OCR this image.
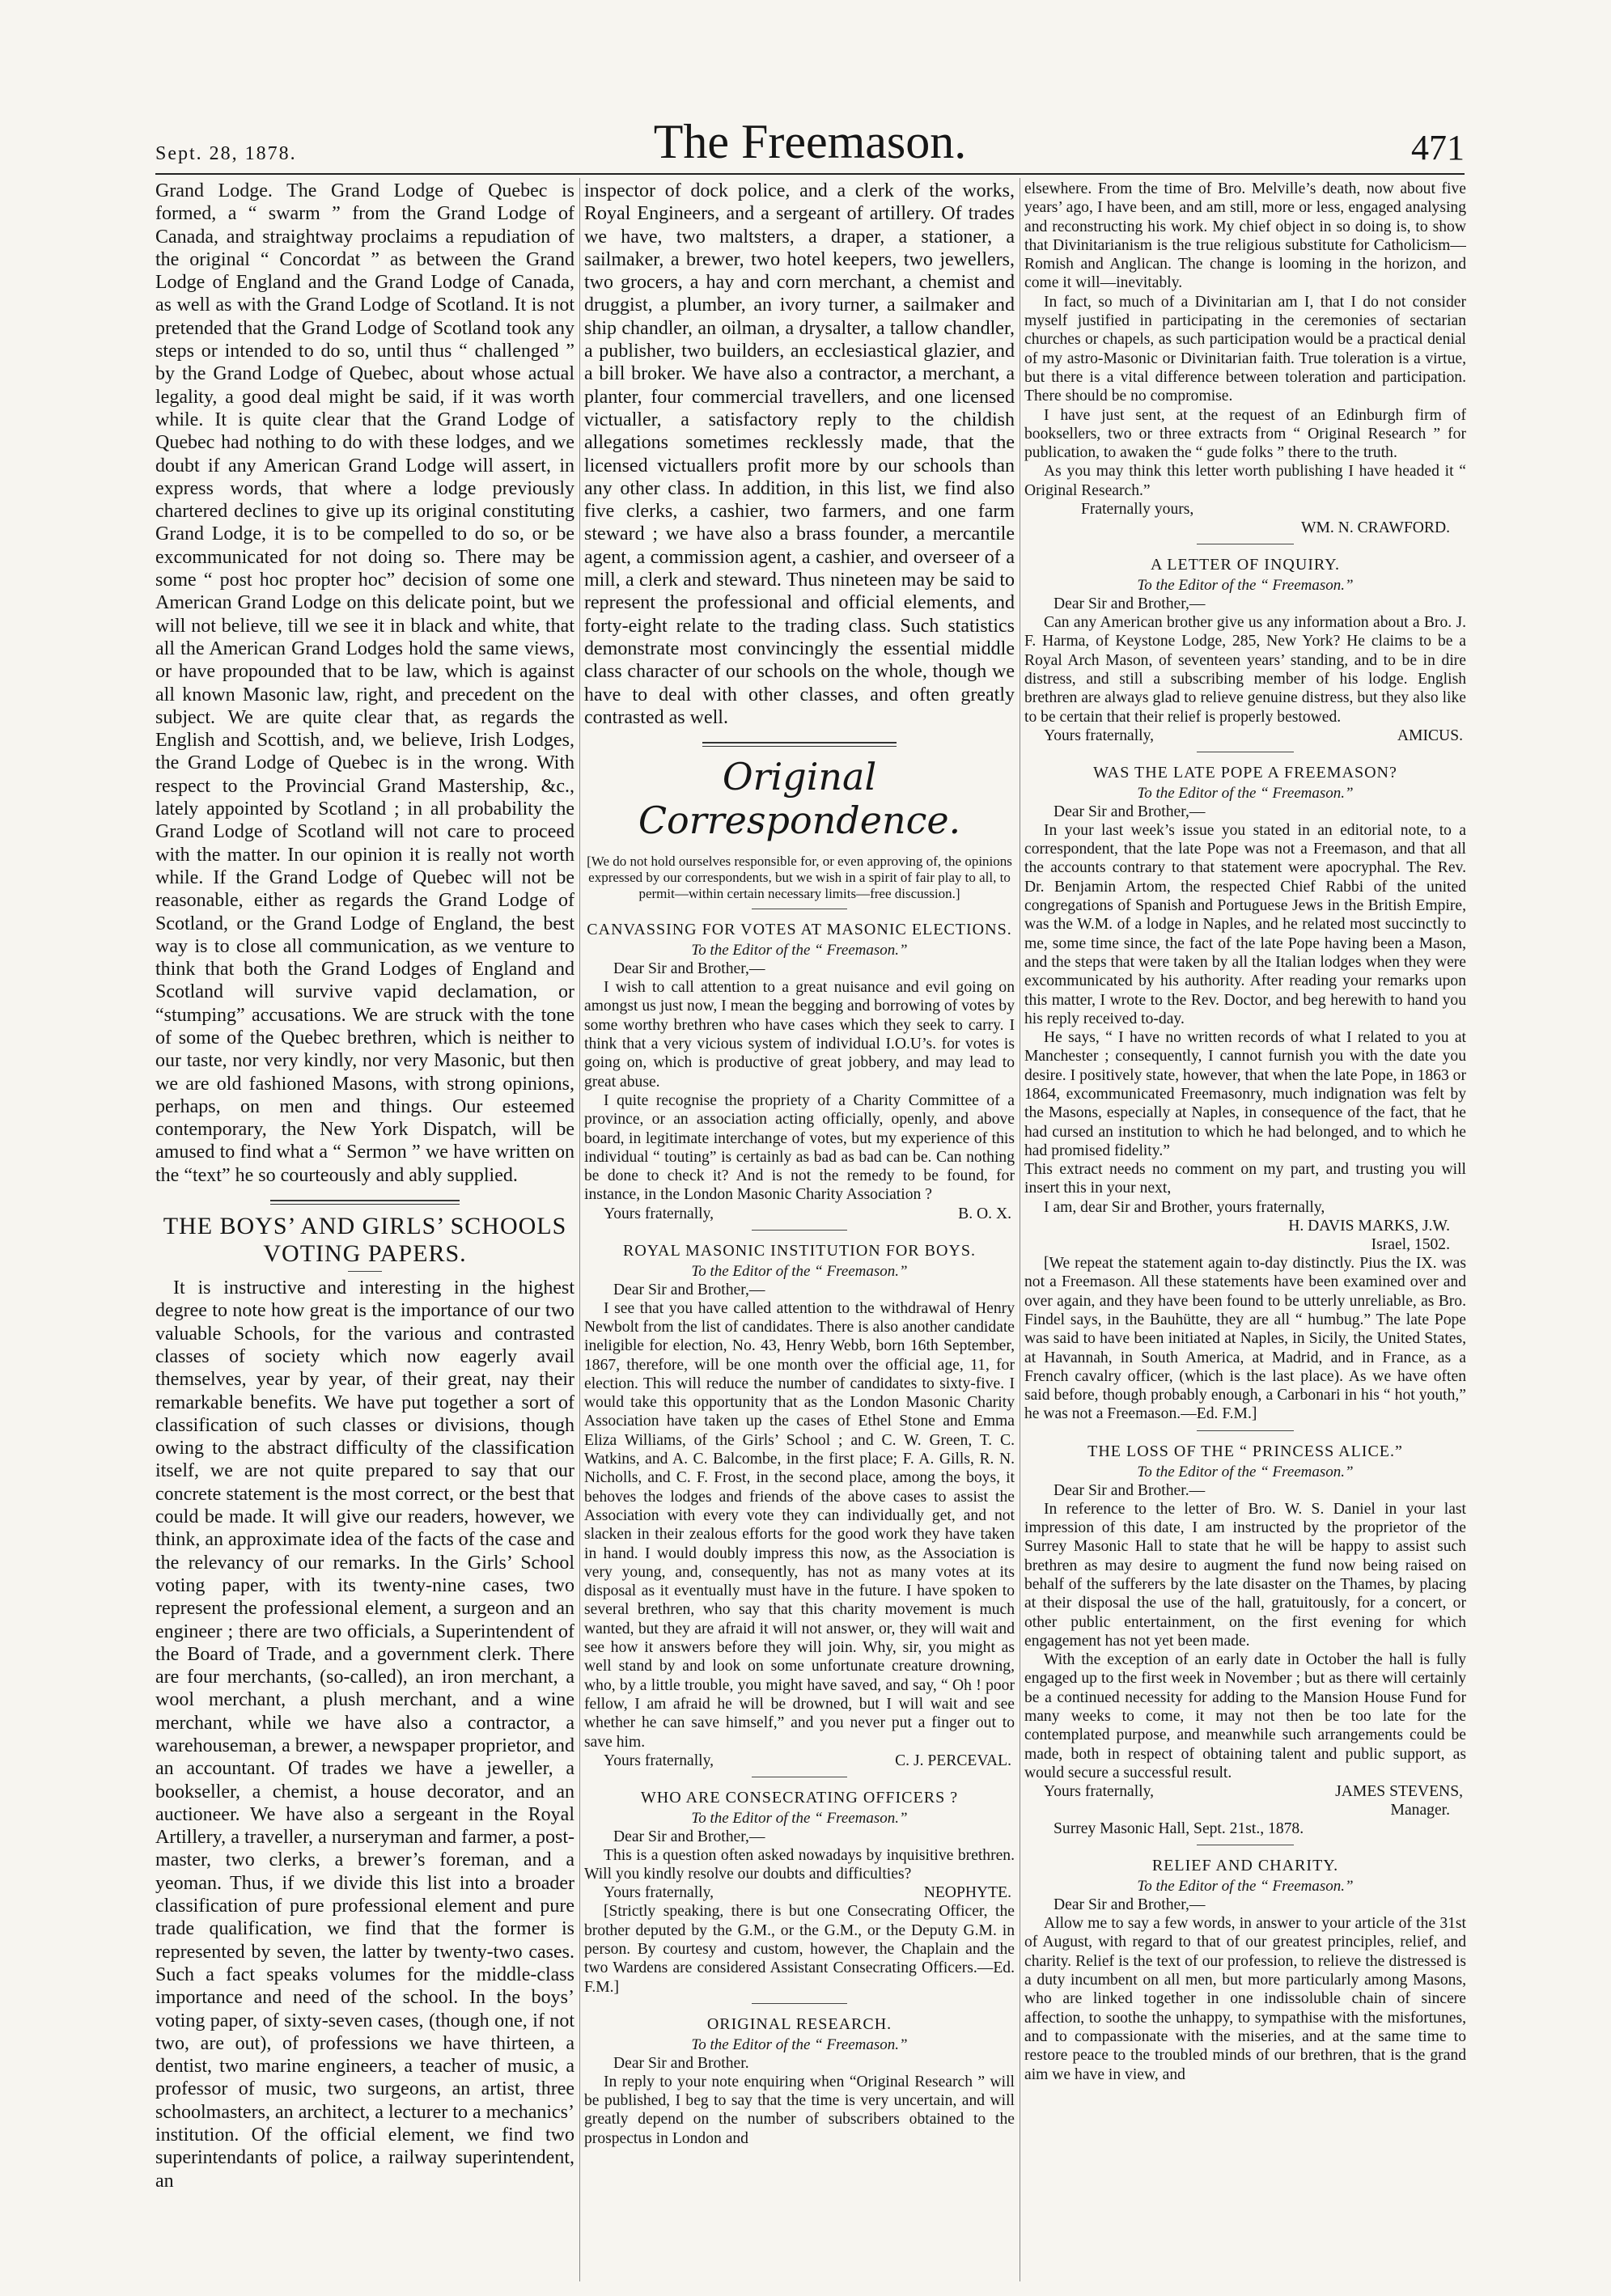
Sept. 28, 1878.	The Freemason.	471

Grand Lodge. The Grand Lodge of Quebec is formed, a “ swarm ” from the Grand Lodge of Canada, and straightway proclaims a repudiation of the original “ Concordat ” as between the Grand Lodge of England and the Grand Lodge of Canada, as well as with the Grand Lodge of Scotland. It is not pretended that the Grand Lodge of Scotland took any steps or intended to do so, until thus “ challenged ” by the Grand Lodge of Quebec, about whose actual legality, a good deal might be said, if it was worth while. It is quite clear that the Grand Lodge of Quebec had nothing to do with these lodges, and we doubt if any American Grand Lodge will assert, in express words, that where a lodge previously chartered declines to give up its original constituting Grand Lodge, it is to be compelled to do so, or be excommunicated for not doing so. There may be some “ post hoc propter hoc” decision of some one American Grand Lodge on this delicate point, but we will not believe, till we see it in black and white, that all the American Grand Lodges hold the same views, or have propounded that to be law, which is against all known Masonic law, right, and precedent on the subject. We are quite clear that, as regards the English and Scottish, and, we believe, Irish Lodges, the Grand Lodge of Quebec is in the wrong. With respect to the Provincial Grand Mastership, &c., lately appointed by Scotland ; in all probability the Grand Lodge of Scotland will not care to proceed with the matter. In our opinion it is really not worth while. If the Grand Lodge of Quebec will not be reasonable, either as regards the Grand Lodge of Scotland, or the Grand Lodge of England, the best way is to close all communication, as we venture to think that both the Grand Lodges of England and Scotland will survive vapid declamation, or “stumping” accusations. We are struck with the tone of some of the Quebec brethren, which is neither to our taste, nor very kindly, nor very Masonic, but then we are old fashioned Masons, with strong opinions, perhaps, on men and things. Our esteemed contemporary, the New York Dispatch, will be amused to find what a “ Sermon ” we have written on the “text” he so courteously and ably supplied.

THE BOYS’ AND GIRLS’ SCHOOLS VOTING PAPERS.

It is instructive and interesting in the highest degree to note how great is the importance of our two valuable Schools, for the various and contrasted classes of society which now eagerly avail themselves, year by year, of their great, nay their remarkable benefits. We have put together a sort of classification of such classes or divisions, though owing to the abstract difficulty of the classification itself, we are not quite prepared to say that our concrete statement is the most correct, or the best that could be made. It will give our readers, however, we think, an approximate idea of the facts of the case and the relevancy of our remarks. In the Girls’ School voting paper, with its twenty-nine cases, two represent the professional element, a surgeon and an engineer ; there are two officials, a Superintendent of the Board of Trade, and a government clerk. There are four merchants, (so-called), an iron merchant, a wool merchant, a plush merchant, and a wine merchant, while we have also a contractor, a warehouseman, a brewer, a newspaper proprietor, and an accountant. Of trades we have a jeweller, a bookseller, a chemist, a house decorator, and an auctioneer. We have also a sergeant in the Royal Artillery, a traveller, a nurseryman and farmer, a post-master, two clerks, a brewer’s foreman, and a yeoman. Thus, if we divide this list into a broader classification of pure professional element and pure trade qualification, we find that the former is represented by seven, the latter by twenty-two cases. Such a fact speaks volumes for the middle-class importance and need of the school. In the boys’ voting paper, of sixty-seven cases, (though one, if not two, are out), of professions we have thirteen, a dentist, two marine engineers, a teacher of music, a professor of music, two surgeons, an artist, three schoolmasters, an architect, a lecturer to a mechanics’ institution. Of the official element, we find two superintendants of police, a railway superintendent, an

inspector of dock police, and a clerk of the works, Royal Engineers, and a sergeant of artillery. Of trades we have, two maltsters, a draper, a stationer, a sailmaker, a brewer, two hotel keepers, two jewellers, two grocers, a hay and corn merchant, a chemist and druggist, a plumber, an ivory turner, a sailmaker and ship chandler, an oilman, a drysalter, a tallow chandler, a publisher, two builders, an ecclesiastical glazier, and a bill broker. We have also a contractor, a merchant, a planter, four commercial travellers, and one licensed victualler, a satisfactory reply to the childish allegations sometimes recklessly made, that the licensed victuallers profit more by our schools than any other class. In addition, in this list, we find also five clerks, a cashier, two farmers, and one farm steward ; we have also a brass founder, a mercantile agent, a commission agent, a cashier, and overseer of a mill, a clerk and steward. Thus nineteen may be said to represent the professional and official elements, and forty-eight relate to the trading class. Such statistics demonstrate most convincingly the essential middle class character of our schools on the whole, though we have to deal with other classes, and often greatly contrasted as well.

Original Correspondence.

[We do not hold ourselves responsible for, or even approving of, the opinions expressed by our correspondents, but we wish in a spirit of fair play to all, to permit—within certain necessary limits—free discussion.]

CANVASSING FOR VOTES AT MASONIC ELECTIONS.
To the Editor of the “ Freemason.”
Dear Sir and Brother,—

I wish to call attention to a great nuisance and evil going on amongst us just now, I mean the begging and borrowing of votes by some worthy brethren who have cases which they seek to carry. I think that a very vicious system of individual I.O.U’s. for votes is going on, which is productive of great jobbery, and may lead to great abuse.

I quite recognise the propriety of a Charity Committee of a province, or an association acting officially, openly, and above board, in legitimate interchange of votes, but my experience of this individual “ touting” is certainly as bad as bad can be. Can nothing be done to check it? And is not the remedy to be found, for instance, in the London Masonic Charity Association ?

Yours fraternally,	B. O. X.
ROYAL MASONIC INSTITUTION FOR BOYS.
To the Editor of the “ Freemason.”
Dear Sir and Brother,—

I see that you have called attention to the withdrawal of Henry Newbolt from the list of candidates. There is also another candidate ineligible for election, No. 43, Henry Webb, born 16th September, 1867, therefore, will be one month over the official age, 11, for election. This will reduce the number of candidates to sixty-five. I would take this opportunity that as the London Masonic Charity Association have taken up the cases of Ethel Stone and Emma Eliza Williams, of the Girls’ School ; and C. W. Green, T. C. Watkins, and A. C. Balcombe, in the first place; F. A. Gills, R. N. Nicholls, and C. F. Frost, in the second place, among the boys, it behoves the lodges and friends of the above cases to assist the Association with every vote they can individually get, and not slacken in their zealous efforts for the good work they have taken in hand. I would doubly impress this now, as the Association is very young, and, consequently, has not as many votes at its disposal as it eventually must have in the future. I have spoken to several brethren, who say that this charity movement is much wanted, but they are afraid it will not answer, or, they will wait and see how it answers before they will join. Why, sir, you might as well stand by and look on some unfortunate creature drowning, who, by a little trouble, you might have saved, and say, “ Oh ! poor fellow, I am afraid he will be drowned, but I will wait and see whether he can save himself,” and you never put a finger out to save him.

Yours fraternally,	C. J. PERCEVAL.
WHO ARE CONSECRATING OFFICERS ?
To the Editor of the “ Freemason.”
Dear Sir and Brother,—

This is a question often asked nowadays by inquisitive brethren. Will you kindly resolve our doubts and difficulties?

Yours fraternally,	NEOPHYTE.

[Strictly speaking, there is but one Consecrating Officer, the brother deputed by the G.M., or the G.M., or the Deputy G.M. in person. By courtesy and custom, however, the Chaplain and the two Wardens are considered Assistant Consecrating Officers.—Ed. F.M.]

ORIGINAL RESEARCH.
To the Editor of the “ Freemason.”
Dear Sir and Brother.

In reply to your note enquiring when “Original Research ” will be published, I beg to say that the time is very uncertain, and will greatly depend on the number of subscribers obtained to the prospectus in London and

elsewhere. From the time of Bro. Melville’s death, now about five years’ ago, I have been, and am still, more or less, engaged analysing and reconstructing his work. My chief object in so doing is, to show that Divinitarianism is the true religious substitute for Catholicism—Romish and Anglican. The change is looming in the horizon, and come it will—inevitably.

In fact, so much of a Divinitarian am I, that I do not consider myself justified in participating in the ceremonies of sectarian churches or chapels, as such participation would be a practical denial of my astro-Masonic or Divinitarian faith. True toleration is a virtue, but there is a vital difference between toleration and participation. There should be no compromise.

I have just sent, at the request of an Edinburgh firm of booksellers, two or three extracts from “ Original Research ” for publication, to awaken the “ gude folks ” there to the truth.

As you may think this letter worth publishing I have headed it “ Original Research.”

Fraternally yours,
WM. N. CRAWFORD.
A LETTER OF INQUIRY.
To the Editor of the “ Freemason.”
Dear Sir and Brother,—

Can any American brother give us any information about a Bro. J. F. Harma, of Keystone Lodge, 285, New York? He claims to be a Royal Arch Mason, of seventeen years’ standing, and to be in dire distress, and still a subscribing member of his lodge. English brethren are always glad to relieve genuine distress, but they also like to be certain that their relief is properly bestowed.

Yours fraternally,	AMICUS.
WAS THE LATE POPE A FREEMASON?
To the Editor of the “ Freemason.”
Dear Sir and Brother,—

In your last week’s issue you stated in an editorial note, to a correspondent, that the late Pope was not a Freemason, and that all the accounts contrary to that statement were apocryphal. The Rev. Dr. Benjamin Artom, the respected Chief Rabbi of the united congregations of Spanish and Portuguese Jews in the British Empire, was the W.M. of a lodge in Naples, and he related most succinctly to me, some time since, the fact of the late Pope having been a Mason, and the steps that were taken by all the Italian lodges when they were excommunicated by his authority. After reading your remarks upon this matter, I wrote to the Rev. Doctor, and beg herewith to hand you his reply received to-day.

He says, “ I have no written records of what I related to you at Manchester ; consequently, I cannot furnish you with the date you desire. I positively state, however, that when the late Pope, in 1863 or 1864, excommunicated Freemasonry, much indignation was felt by the Masons, especially at Naples, in consequence of the fact, that he had cursed an institution to which he had belonged, and to which he had promised fidelity.”

This extract needs no comment on my part, and trusting you will insert this in your next,

I am, dear Sir and Brother, yours fraternally,

H. DAVIS MARKS, J.W.
Israel, 1502.

[We repeat the statement again to-day distinctly. Pius the IX. was not a Freemason. All these statements have been examined over and over again, and they have been found to be utterly unreliable, as Bro. Findel says, in the Bauhütte, they are all “ humbug.” The late Pope was said to have been initiated at Naples, in Sicily, the United States, at Havannah, in South America, at Madrid, and in France, as a French cavalry officer, (which is the last place). As we have often said before, though probably enough, a Carbonari in his “ hot youth,” he was not a Freemason.—Ed. F.M.]

THE LOSS OF THE “ PRINCESS ALICE.”
To the Editor of the “ Freemason.”
Dear Sir and Brother.—

In reference to the letter of Bro. W. S. Daniel in your last impression of this date, I am instructed by the proprietor of the Surrey Masonic Hall to state that he will be happy to assist such brethren as may desire to augment the fund now being raised on behalf of the sufferers by the late disaster on the Thames, by placing at their disposal the use of the hall, gratuitously, for a concert, or other public entertainment, on the first evening for which engagement has not yet been made.

With the exception of an early date in October the hall is fully engaged up to the first week in November ; but as there will certainly be a continued necessity for adding to the Mansion House Fund for many weeks to come, it may not then be too late for the contemplated purpose, and meanwhile such arrangements could be made, both in respect of obtaining talent and public support, as would secure a successful result.

Yours fraternally,	JAMES STEVENS,
Manager.
Surrey Masonic Hall, Sept. 21st., 1878.
RELIEF AND CHARITY.
To the Editor of the “ Freemason.”
Dear Sir and Brother,—

Allow me to say a few words, in answer to your article of the 31st of August, with regard to that of our greatest principles, relief, and charity. Relief is the text of our profession, to relieve the distressed is a duty incumbent on all men, but more particularly among Masons, who are linked together in one indissoluble chain of sincere affection, to soothe the unhappy, to sympathise with the misfortunes, and to compassionate with the miseries, and at the same time to restore peace to the troubled minds of our brethren, that is the grand aim we have in view, and
